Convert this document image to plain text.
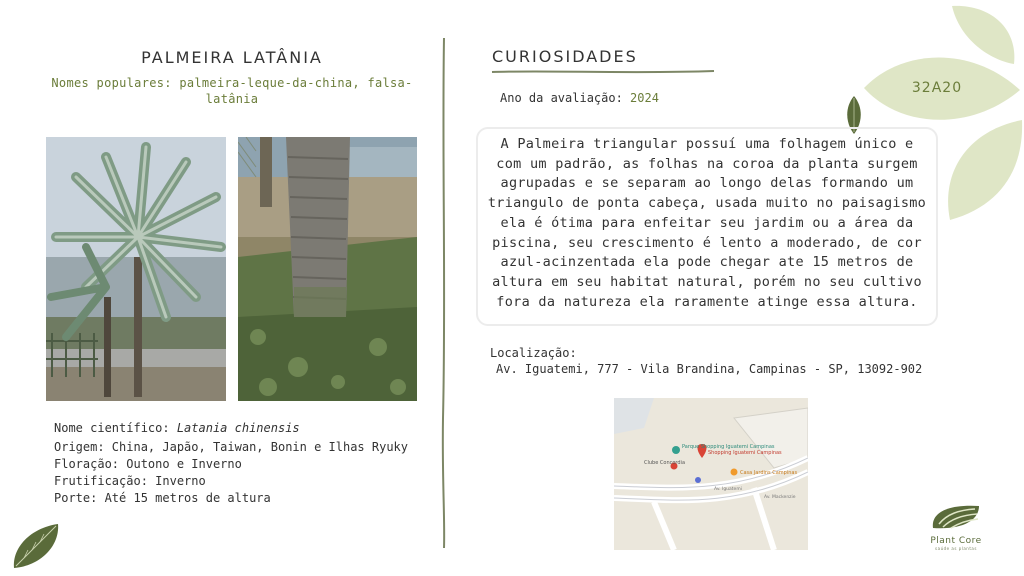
PALMEIRA LATÂNIA
Nomes populares: palmeira-leque-da-china, falsa-latânia
Nome científico: Latania chinensis
Origem: China, Japão, Taiwan, Bonin e Ilhas Ryuky
Floração: Outono e Inverno
Frutificação: Inverno
Porte: Até 15 metros de altura
CURIOSIDADES
Ano da avaliação: 2024
32A20
A Palmeira triangular possuí uma folhagem único e com um padrão, as folhas na coroa da planta surgem agrupadas e se separam ao longo delas formando um triangulo de ponta cabeça, usada muito no paisagismo ela é ótima para enfeitar seu jardim ou a área da piscina, seu crescimento é lento a moderado, de cor azul-acinzentada ela pode chegar ate 15 metros de altura em seu habitat natural, porém no seu cultivo fora da natureza ela raramente atinge essa altura.
Localização:
Av. Iguatemi, 777 - Vila Brandina, Campinas - SP, 13092-902
Parque Shopping Iguatemi Campinas
Shopping Iguatemi Campinas
Casa Jardins Campinas
Clube Concordia
Av. Iguatemi
Av. Mackenzie
Plant Core
saúde as plantas
